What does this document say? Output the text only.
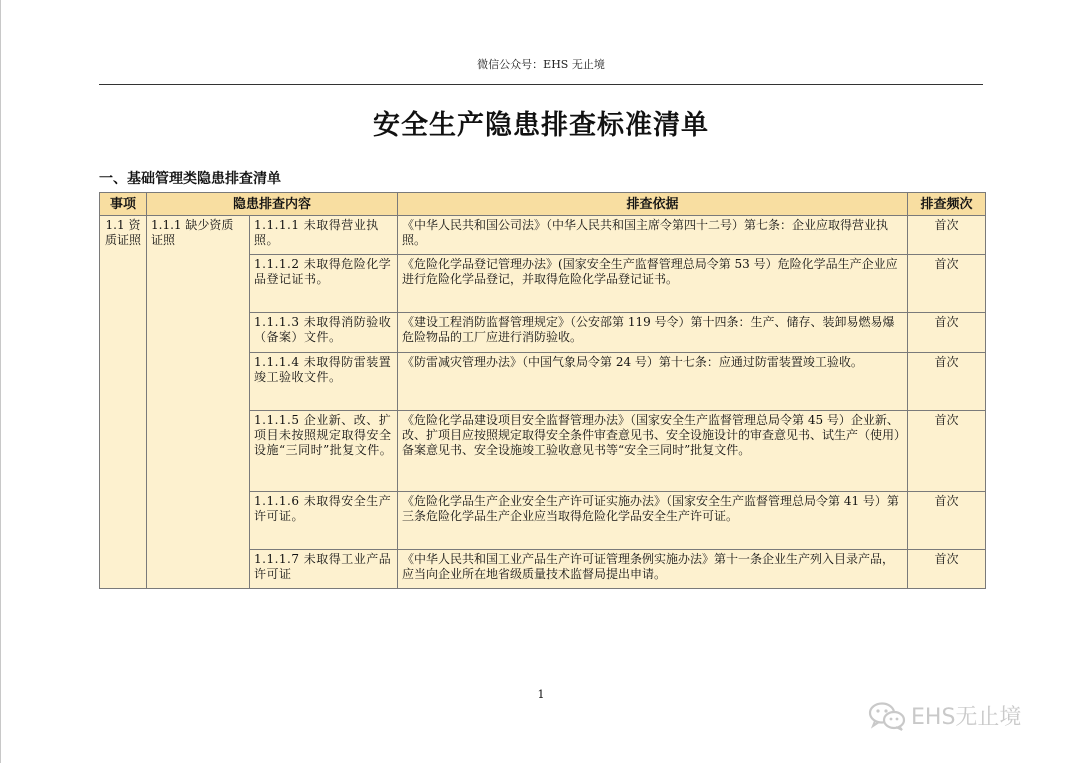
微信公众号：EHS 无止境
安全生产隐患排查标准清单
一、基础管理类隐患排查清单
事项	隐患排查内容		排查依据	排查频次
1.1 资质证照	1.1.1 缺少资质证照	1.1.1.1 未取得营业执照。	《中华人民共和国公司法》（中华人民共和国主席令第四十二号）第七条：企业应取得营业执照。	首次
		1.1.1.2 未取得危险化学品登记证书。	《危险化学品登记管理办法》(国家安全生产监督管理总局令第 53 号）危险化学品生产企业应进行危险化学品登记，并取得危险化学品登记证书。	首次
		1.1.1.3 未取得消防验收（备案）文件。	《建设工程消防监督管理规定》（公安部第 119 号令）第十四条：生产、储存、装卸易燃易爆危险物品的工厂应进行消防验收。	首次
		1.1.1.4 未取得防雷装置竣工验收文件。	《防雷减灾管理办法》（中国气象局令第 24 号）第十七条：应通过防雷装置竣工验收。	首次
		1.1.1.5 企业新、改、扩项目未按照规定取得安全设施“三同时”批复文件。	《危险化学品建设项目安全监督管理办法》（国家安全生产监督管理总局令第 45 号）企业新、改、扩项目应按照规定取得安全条件审查意见书、安全设施设计的审查意见书、试生产（使用）备案意见书、安全设施竣工验收意见书等“安全三同时”批复文件。	首次
		1.1.1.6 未取得安全生产许可证。	《危险化学品生产企业安全生产许可证实施办法》（国家安全生产监督管理总局令第 41 号）第三条危险化学品生产企业应当取得危险化学品安全生产许可证。	首次
		1.1.1.7 未取得工业产品许可证	《中华人民共和国工业产品生产许可证管理条例实施办法》第十一条企业生产列入目录产品，应当向企业所在地省级质量技术监督局提出申请。	首次
1
EHS无止境
